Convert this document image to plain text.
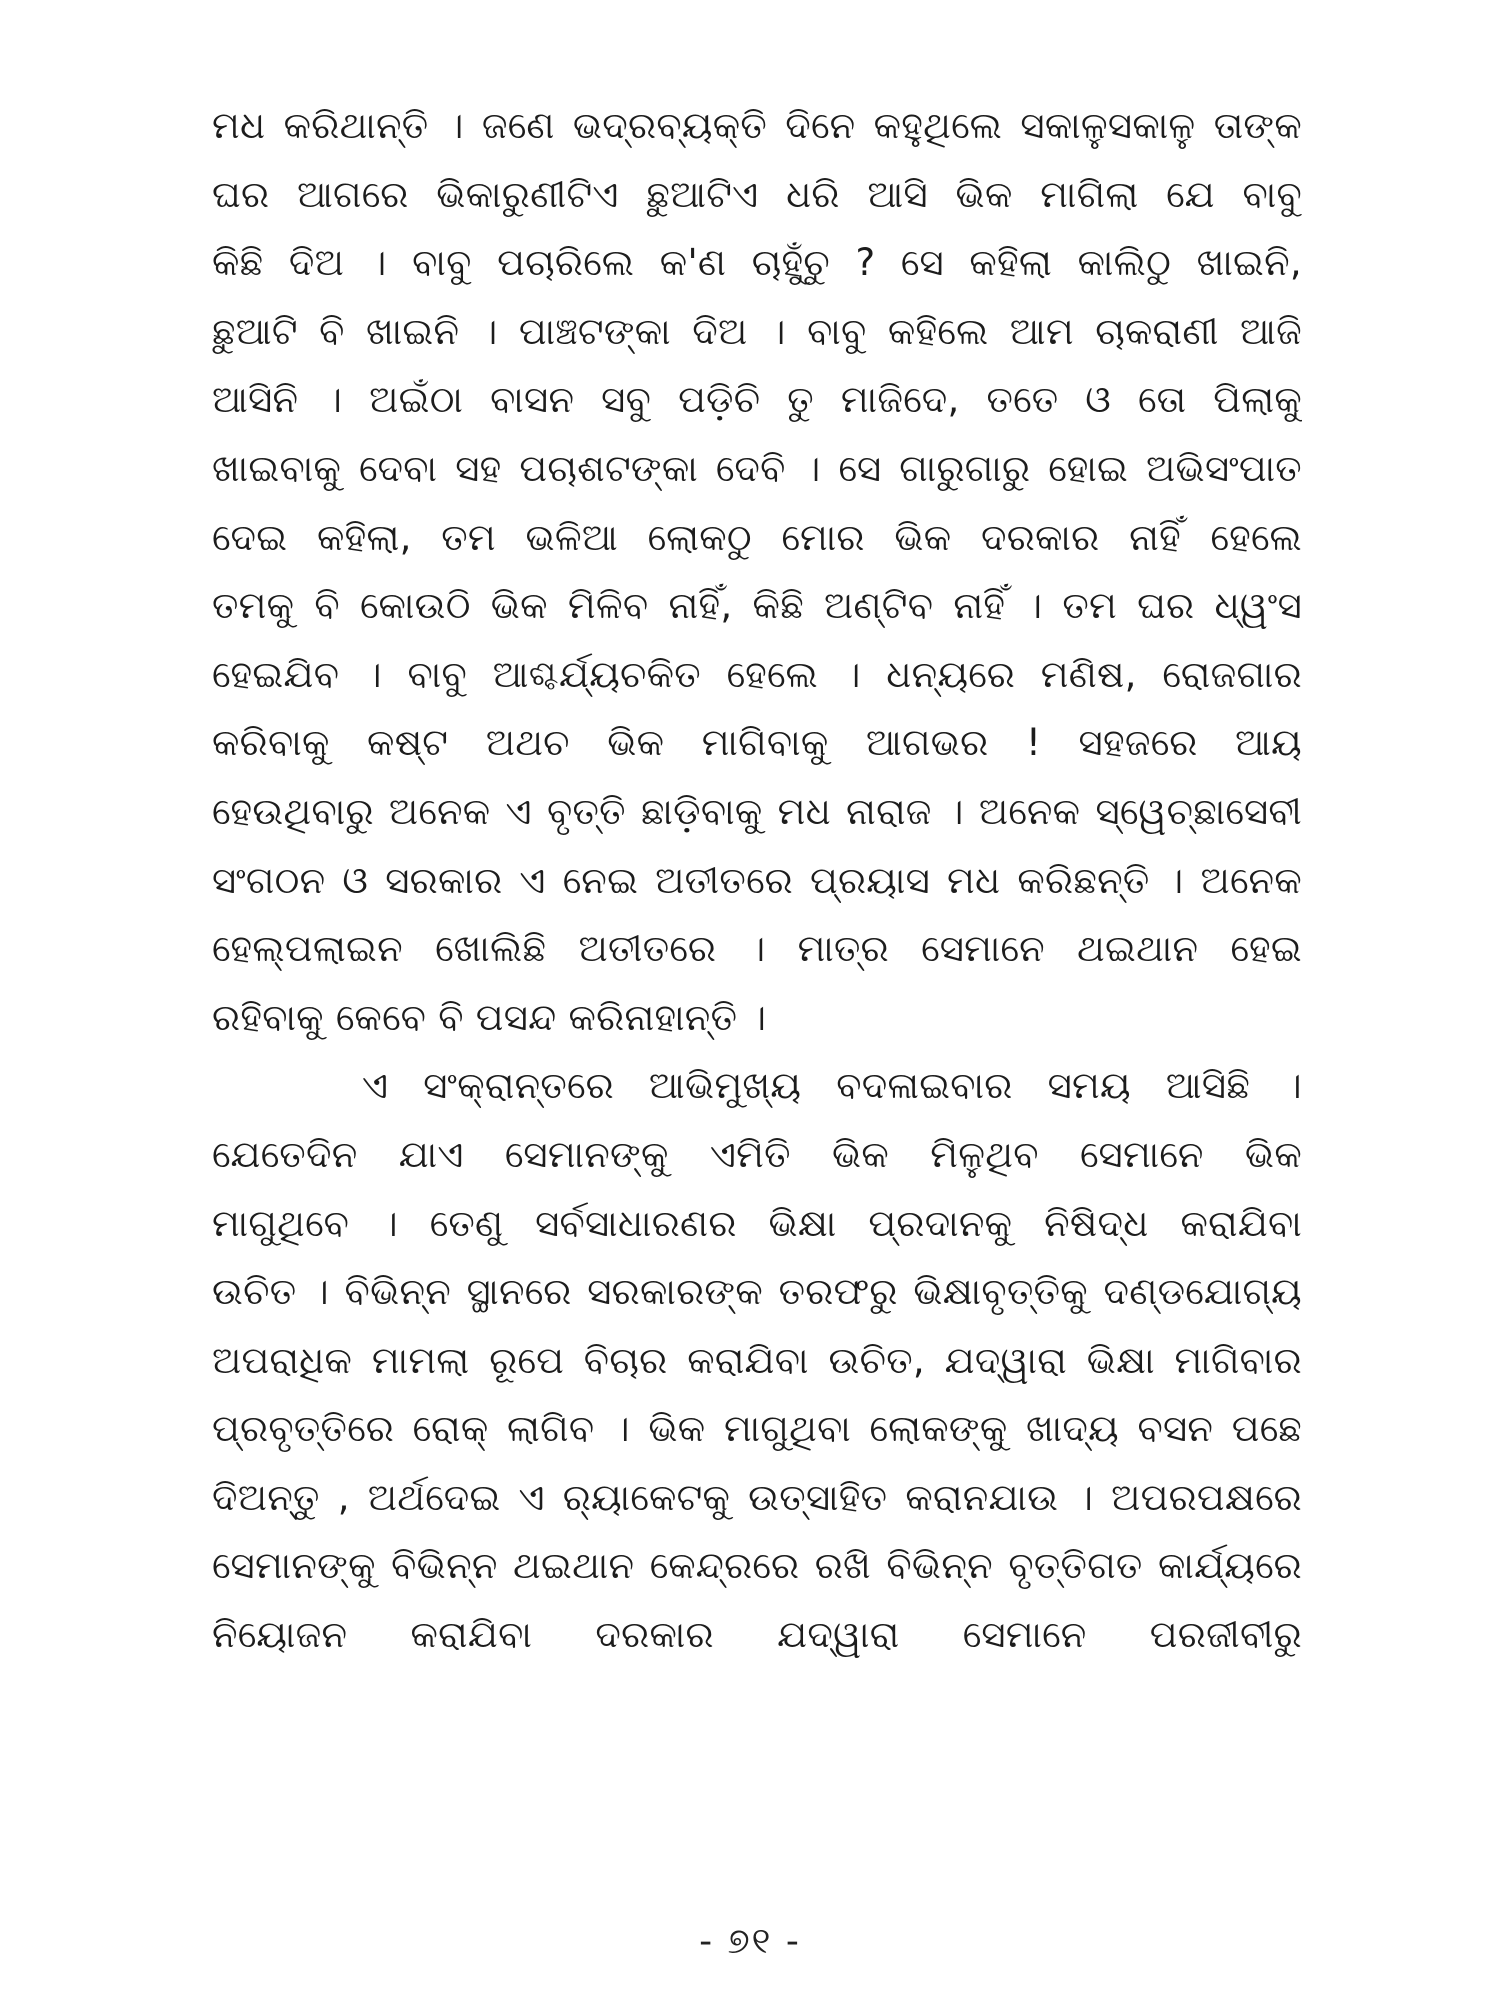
ମଧ କରିଥାନ୍ତି । ଜଣେ ଭଦ୍ରବ୍ୟକ୍ତି ଦିନେ କହୁଥିଲେ ସକାଳୁସକାଳୁ ତାଙ୍କ
ଘର ଆଗରେ ଭିକାରୁଣୀଟିଏ ଛୁଆଟିଏ ଧରି ଆସି ଭିକ ମାଗିଲା ଯେ ବାବୁ
କିଛି ଦିଅ । ବାବୁ ପଚାରିଲେ କ'ଣ ଚାହୁଁଚୁ ? ସେ କହିଲା କାଲିଠୁ ଖାଇନି,
ଛୁଆଟି ବି ଖାଇନି । ପାଞ୍ଚଟଙ୍କା ଦିଅ । ବାବୁ କହିଲେ ଆମ ଚାକରାଣୀ ଆଜି
ଆସିନି । ଅଇଁଠା ବାସନ ସବୁ ପଡ଼ିଚି ତୁ ମାଜିଦେ, ତତେ ଓ ତୋ ପିଲାକୁ
ଖାଇବାକୁ ଦେବା ସହ ପଚାଶଟଙ୍କା ଦେବି । ସେ ଗାରୁଗାରୁ ହୋଇ ଅଭିସଂପାତ
ଦେଇ କହିଲା, ତମ ଭଳିଆ ଲୋକଠୁ ମୋର ଭିକ ଦରକାର ନାହିଁ ହେଲେ
ତମକୁ ବି କୋଉଠି ଭିକ ମିଳିବ ନାହିଁ, କିଛି ଅଣ୍ଟିବ ନାହିଁ । ତମ ଘର ଧ୍ୱଂସ
ହେଇଯିବ । ବାବୁ ଆଶ୍ଚର୍ଯ୍ୟଚକିତ ହେଲେ । ଧନ୍ୟରେ ମଣିଷ, ରୋଜଗାର
କରିବାକୁ କଷ୍ଟ ଅଥଚ ଭିକ ମାଗିବାକୁ ଆଗଭର ! ସହଜରେ ଆୟ
ହେଉଥିବାରୁ ଅନେକ ଏ ବୃତ୍ତି ଛାଡ଼ିବାକୁ ମଧ ନାରାଜ । ଅନେକ ସ୍ୱେଚ୍ଛାସେବୀ
ସଂଗଠନ ଓ ସରକାର ଏ ନେଇ ଅତୀତରେ ପ୍ରୟାସ ମଧ କରିଛନ୍ତି । ଅନେକ
ହେଲ୍‌ପଲାଇନ ଖୋଲିଛି ଅତୀତରେ । ମାତ୍ର ସେମାନେ ଥଇଥାନ ହେଇ
ରହିବାକୁ କେବେ ବି ପସନ୍ଦ କରିନାହାନ୍ତି ।
ଏ ସଂକ୍ରାନ୍ତରେ ଆଭିମୁଖ୍ୟ ବଦଳାଇବାର ସମୟ ଆସିଛି ।
ଯେତେଦିନ ଯାଏ ସେମାନଙ୍କୁ ଏମିତି ଭିକ ମିଳୁଥିବ ସେମାନେ ଭିକ
ମାଗୁଥିବେ । ତେଣୁ ସର୍ବସାଧାରଣର ଭିକ୍ଷା ପ୍ରଦାନକୁ ନିଷିଦ୍ଧ କରାଯିବା
ଉଚିତ । ବିଭିନ୍ନ ସ୍ଥାନରେ ସରକାରଙ୍କ ତରଫରୁ ଭିକ୍ଷାବୃତ୍ତିକୁ ଦଣ୍ଡଯୋଗ୍ୟ
ଅପରାଧିକ ମାମଲା ରୂପେ ବିଚାର କରାଯିବା ଉଚିତ, ଯଦ୍ୱାରା ଭିକ୍ଷା ମାଗିବାର
ପ୍ରବୃତ୍ତିରେ ରୋକ୍ ଲାଗିବ । ଭିକ ମାଗୁଥିବା ଲୋକଙ୍କୁ ଖାଦ୍ୟ ବସନ ପଛେ
ଦିଅନ୍ତୁ , ଅର୍ଥଦେଇ ଏ ର୍‍ୟାକେଟକୁ ଉତ୍ସାହିତ କରାନଯାଉ । ଅପରପକ୍ଷରେ
ସେମାନଙ୍କୁ ବିଭିନ୍ନ ଥଇଥାନ କେନ୍ଦ୍ରରେ ରଖି ବିଭିନ୍ନ ବୃତ୍ତିଗତ କାର୍ଯ୍ୟରେ
ନିୟୋଜନ କରାଯିବା ଦରକାର ଯଦ୍ୱାରା ସେମାନେ ପରଜୀବୀରୁ
- ୭୧ -
